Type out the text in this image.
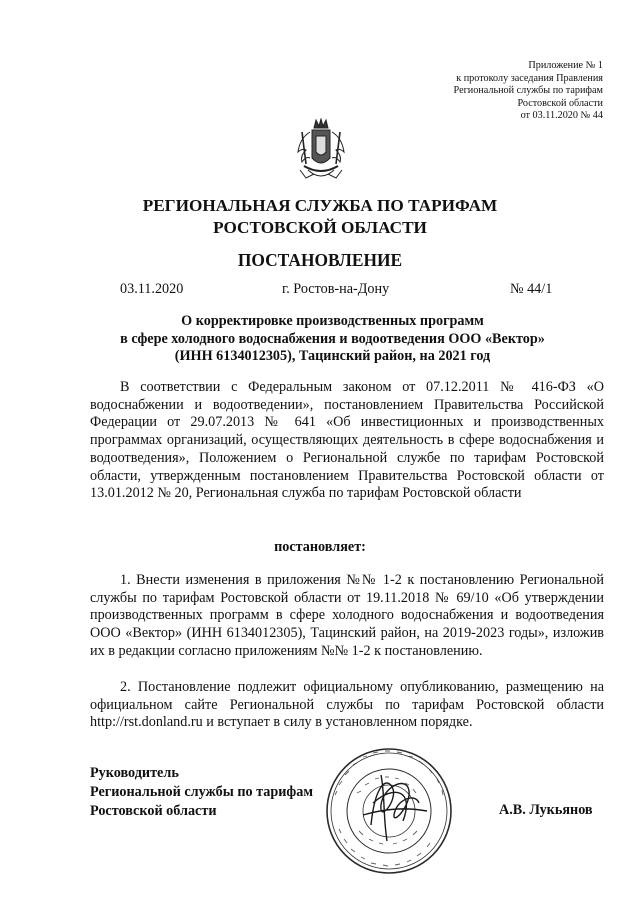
Приложение № 1
к протоколу заседания Правления
Региональной службы по тарифам
Ростовской области
от 03.11.2020 № 44
РЕГИОНАЛЬНАЯ СЛУЖБА ПО ТАРИФАМ
РОСТОВСКОЙ ОБЛАСТИ
ПОСТАНОВЛЕНИЕ
03.11.2020	г. Ростов-на-Дону	№ 44/1
О корректировке производственных программ
в сфере холодного водоснабжения и водоотведения ООО «Вектор»
(ИНН 6134012305), Тацинский район, на 2021 год
В соответствии с Федеральным законом от 07.12.2011 № 416-ФЗ «О водоснабжении и водоотведении», постановлением Правительства Российской Федерации от 29.07.2013 № 641 «Об инвестиционных и производственных программах организаций, осуществляющих деятельность в сфере водоснабжения и водоотведения», Положением о Региональной службе по тарифам Ростовской области, утвержденным постановлением Правительства Ростовской области от 13.01.2012 № 20, Региональная служба по тарифам Ростовской области
постановляет:
1. Внести изменения в приложения №№ 1-2 к постановлению Региональной службы по тарифам Ростовской области от 19.11.2018 № 69/10 «Об утверждении производственных программ в сфере холодного водоснабжения и водоотведения ООО «Вектор» (ИНН 6134012305), Тацинский район, на 2019-2023 годы», изложив их в редакции согласно приложениям №№ 1-2 к постановлению.
2. Постановление подлежит официальному опубликованию, размещению на официальном сайте Региональной службы по тарифам Ростовской области http://rst.donland.ru и вступает в силу в установленном порядке.
Руководитель
Региональной службы по тарифам
Ростовской области	А.В. Лукьянов
